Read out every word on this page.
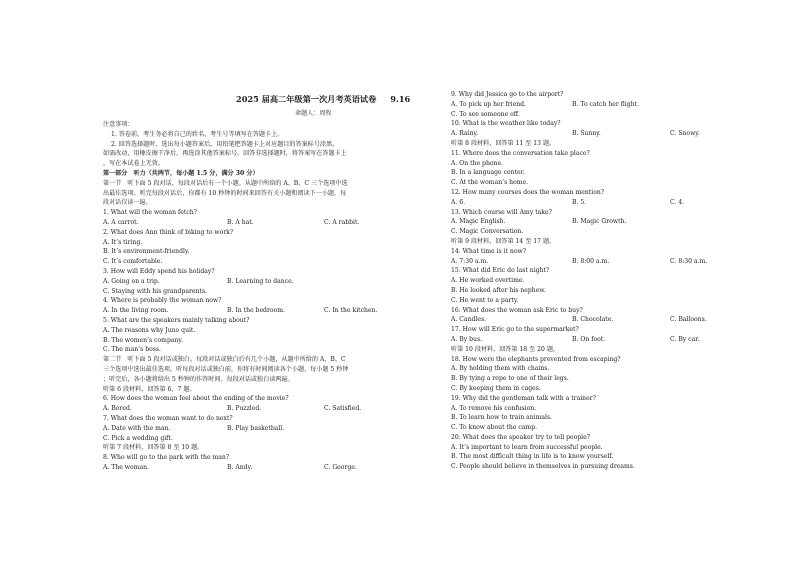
2025 届高二年级第一次月考英语试卷 9.16
命题人：周牧
注意事项：
1. 答卷前，考生务必将自己的姓名、考生号等填写在答题卡上。
2. 回答选择题时，选出每小题答案后，用铅笔把答题卡上对应题目的答案标号涂黑。
如需改动，用橡皮擦干净后，再选涂其他答案标号。回答非选择题时，将答案写在答题卡上
，写在本试卷上无效。
第一部分　听力（共两节，每小题 1.5 分，满分 30 分）
第一节　听下面 5 段对话，每段对话后有一个小题。从题中所给的 A、B、C 三个选项中选
出最佳选项。听完每段对话后，你都有 10 秒钟的时间来回答有关小题和阅读下一小题。每
段对话仅读一遍。
1. What will the woman fetch?
A. A carrot.	B. A hat.	C. A rabbit.
2. What does Ann think of biking to work?
A. It’s tiring.
B. It’s environment-friendly.
C. It’s comfortable.
3. How will Eddy spend his holiday?
A. Going on a trip.	B. Learning to dance.
C. Staying with his grandparents.
4. Where is probably the woman now?
A. In the living room.	B. In the bedroom.	C. In the kitchen.
5. What are the speakers mainly talking about?
A. The reasons why Juno quit.
B. The women’s company.
C. The man’s boss.
第二节　听下面 5 段对话或独白。每段对话或独白后有几个小题，从题中所给的 A、B、C
三个选项中选出最佳选项。听每段对话或独白前，你将有时间阅读各个小题，每小题 5 秒钟
；听完后，各小题将给出 5 秒钟的作答时间。每段对话或独白读两遍。
听第 6 段材料，回答第 6、7 题。
6. How does the woman feel about the ending of the movie?
A. Bored.	B. Puzzled.	C. Satisfied.
7. What does the woman want to do next?
A. Date with the man.	B. Play basketball.
C. Pick a wedding gift.
听第 7 段材料，回答第 8 至 10 题。
8. Who will go to the park with the man?
A. The woman.	B. Andy.	C. George.
9. Why did Jessica go to the airport?
A. To pick up her friend.	B. To catch her flight.
C. To see someone off.
10. What is the weather like today?
A. Rainy.	B. Sunny.	C. Snowy.
听第 8 段材料，回答第 11 至 13 题。
11. Where does the conversation take place?
A. On the phone.
B. In a language center.
C. At the woman’s home.
12. How many courses does the woman mention?
A. 6.	B. 5.	C. 4.
13. Which course will Amy take?
A. Magic English.	B. Magic Growth.
C. Magic Conversation.
听第 9 段材料，回答第 14 至 17 题。
14. What time is it now?
A. 7:30 a.m.	B. 8:00 a.m.	C. 8:30 a.m.
15. What did Eric do last night?
A. He worked overtime.
B. He looked after his nephew.
C. He went to a party.
16. What does the woman ask Eric to buy?
A. Candles.	B. Chocolate.	C. Balloons.
17. How will Eric go to the supermarket?
A. By bus.	B. On foot.	C. By car.
听第 10 段材料，回答第 18 至 20 题。
18. How were the elephants prevented from escaping?
A. By holding them with chains.
B. By tying a rope to one of their legs.
C. By keeping them in cages.
19. Why did the gentleman talk with a trainer?
A. To remove his confusion.
B. To learn how to train animals.
C. To know about the camp.
20. What does the speaker try to tell people?
A. It’s important to learn from successful people.
B. The most difficult thing in life is to know yourself.
C. People should believe in themselves in pursuing dreams.
